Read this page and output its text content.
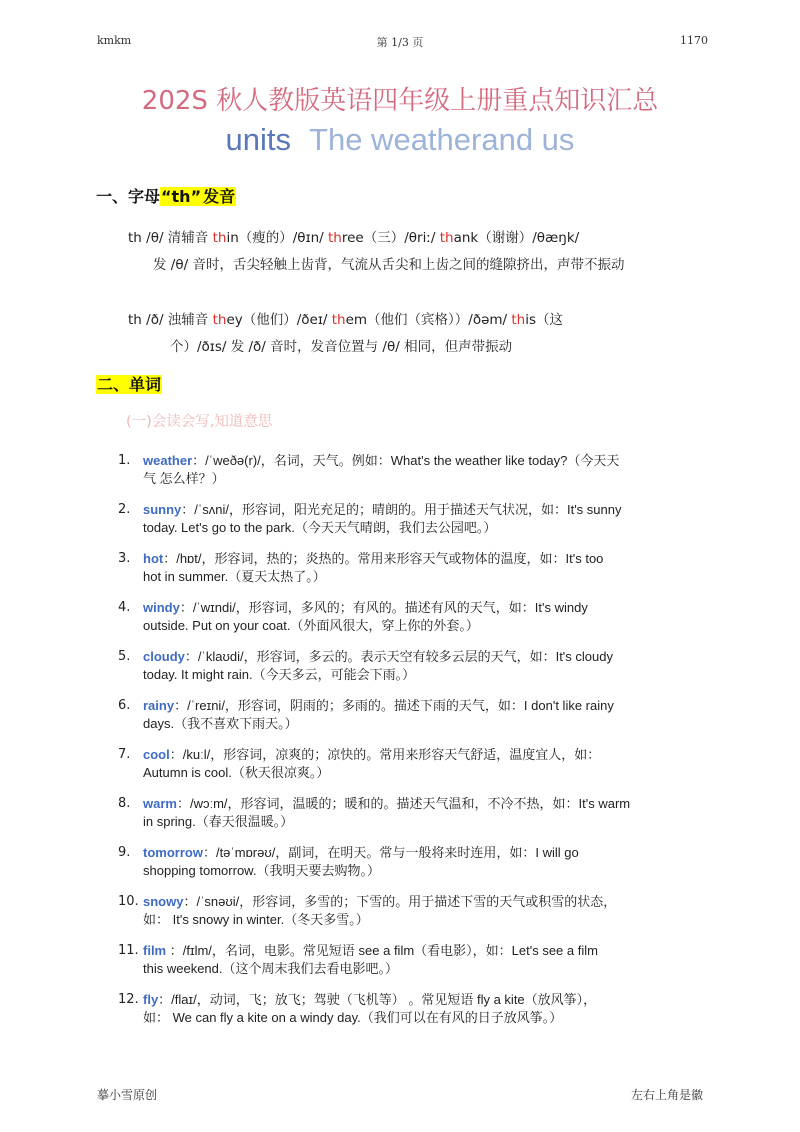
kmkm	第 1/3 页	1170
202S 秋人教版英语四年级上册重点知识汇总
units The weatherand us
一、字母“th” 发音
th /θ/ 清辅音 thin（瘦的）/θɪn/ three（三）/θriː/ thank（谢谢）/θæŋk/
发 /θ/ 音时，舌尖轻触上齿背，气流从舌尖和上齿之间的缝隙挤出，声带不振动
th /ð/ 浊辅音 they（他们）/ðeɪ/ them（他们（宾格））/ðəm/ this（这
个）/ðɪs/ 发 /ð/ 音时，发音位置与 /θ/ 相同，但声带振动
二、单词
(一)会读会写,知道意思
1. weather：/ˈweðə(r)/，名词，天气。例如：What's the weather like today?（今天天
气 怎么样？）
2. sunny：/ˈsʌni/，形容词，阳光充足的；晴朗的。用于描述天气状况，如：It's sunny
today. Let's go to the park.（今天天气晴朗，我们去公园吧。）
3. hot：/hɒt/，形容词，热的；炎热的。常用来形容天气或物体的温度，如：It's too
hot in summer.（夏天太热了。）
4. windy：/ˈwɪndi/，形容词，多风的；有风的。描述有风的天气，如：It's windy
outside. Put on your coat.（外面风很大，穿上你的外套。）
5. cloudy：/ˈklaʊdi/，形容词，多云的。表示天空有较多云层的天气，如：It's cloudy
today. It might rain.（今天多云，可能会下雨。）
6. rainy：/ˈreɪni/，形容词，阴雨的；多雨的。描述下雨的天气，如：I don't like rainy
days.（我不喜欢下雨天。）
7. cool：/kuːl/，形容词，凉爽的；凉快的。常用来形容天气舒适，温度宜人，如：
Autumn is cool.（秋天很凉爽。）
8. warm：/wɔːm/，形容词，温暖的；暖和的。描述天气温和，不冷不热，如：It's warm
in spring.（春天很温暖。）
9. tomorrow：/təˈmɒrəʊ/，副词，在明天。常与一般将来时连用，如：I will go
shopping tomorrow.（我明天要去购物。）
10. snowy：/ˈsnəʊi/，形容词，多雪的；下雪的。用于描述下雪的天气或积雪的状态，
如： It's snowy in winter.（冬天多雪。）
11. film ：/fɪlm/，名词，电影。常见短语 see a film（看电影），如：Let's see a film
this weekend.（这个周末我们去看电影吧。）
12. fly：/flaɪ/，动词，飞；放飞；驾驶（飞机等） 。常见短语 fly a kite（放风筝），
如： We can fly a kite on a windy day.（我们可以在有风的日子放风筝。）
摹小雪原创	左右上角是徽
